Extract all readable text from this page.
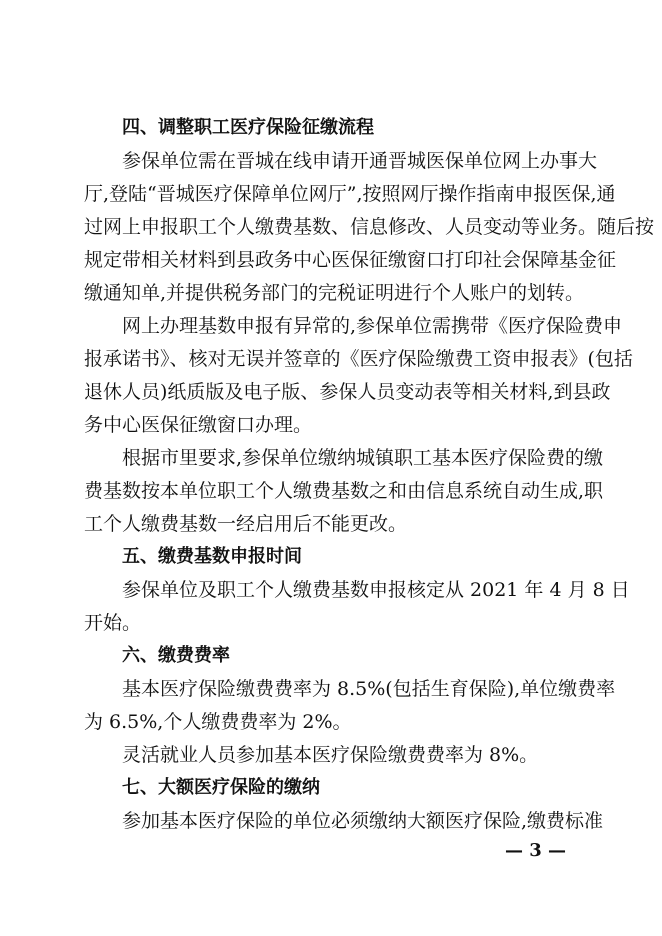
四、调整职工医疗保险征缴流程
参保单位需在晋城在线申请开通晋城医保单位网上办事大
厅,登陆“晋城医疗保障单位网厅”,按照网厅操作指南申报医保,通
过网上申报职工个人缴费基数、信息修改、人员变动等业务。随后按
规定带相关材料到县政务中心医保征缴窗口打印社会保障基金征
缴通知单,并提供税务部门的完税证明进行个人账户的划转。
网上办理基数申报有异常的,参保单位需携带《医疗保险费申
报承诺书》、核对无误并签章的《医疗保险缴费工资申报表》(包括
退休人员)纸质版及电子版、参保人员变动表等相关材料,到县政
务中心医保征缴窗口办理。
根据市里要求,参保单位缴纳城镇职工基本医疗保险费的缴
费基数按本单位职工个人缴费基数之和由信息系统自动生成,职
工个人缴费基数一经启用后不能更改。
五、缴费基数申报时间
参保单位及职工个人缴费基数申报核定从 2021 年 4 月 8 日
开始。
六、缴费费率
基本医疗保险缴费费率为 8.5%(包括生育保险),单位缴费率
为 6.5%,个人缴费费率为 2%。
灵活就业人员参加基本医疗保险缴费费率为 8%。
七、大额医疗保险的缴纳
参加基本医疗保险的单位必须缴纳大额医疗保险,缴费标准
— 3 —
